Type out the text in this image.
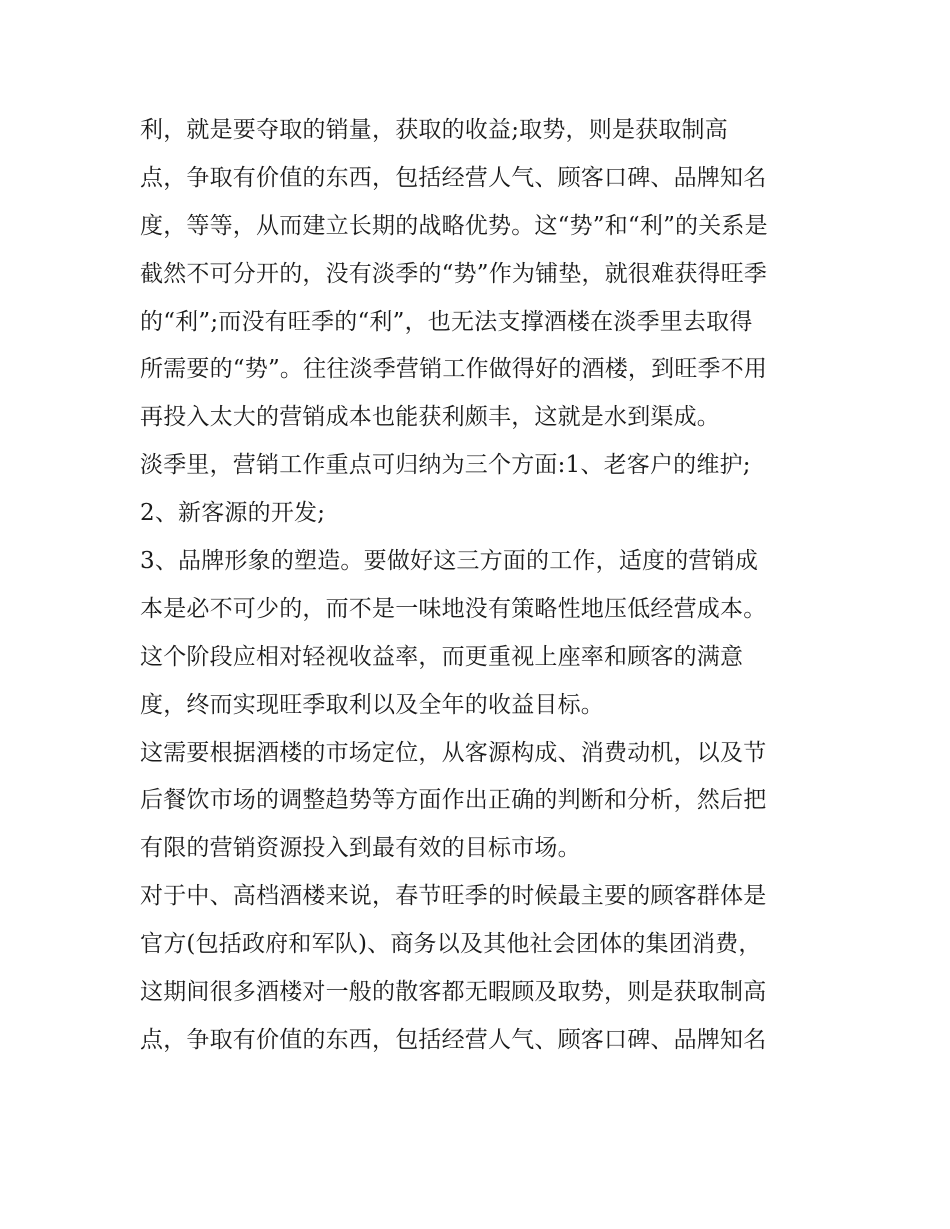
利，就是要夺取的销量，获取的收益;取势，则是获取制高
点，争取有价值的东西，包括经营人气、顾客口碑、品牌知名
度，等等，从而建立长期的战略优势。这“势”和“利”的关系是
截然不可分开的，没有淡季的“势”作为铺垫，就很难获得旺季
的“利”;而没有旺季的“利”，也无法支撑酒楼在淡季里去取得
所需要的“势”。往往淡季营销工作做得好的酒楼，到旺季不用
再投入太大的营销成本也能获利颇丰，这就是水到渠成。
淡季里，营销工作重点可归纳为三个方面:1、老客户的维护;
2、新客源的开发;
3、品牌形象的塑造。要做好这三方面的工作，适度的营销成
本是必不可少的，而不是一味地没有策略性地压低经营成本。
这个阶段应相对轻视收益率，而更重视上座率和顾客的满意
度，终而实现旺季取利以及全年的收益目标。
这需要根据酒楼的市场定位，从客源构成、消费动机，以及节
后餐饮市场的调整趋势等方面作出正确的判断和分析，然后把
有限的营销资源投入到最有效的目标市场。
对于中、高档酒楼来说，春节旺季的时候最主要的顾客群体是
官方(包括政府和军队)、商务以及其他社会团体的集团消费，
这期间很多酒楼对一般的散客都无暇顾及取势，则是获取制高
点，争取有价值的东西，包括经营人气、顾客口碑、品牌知名
